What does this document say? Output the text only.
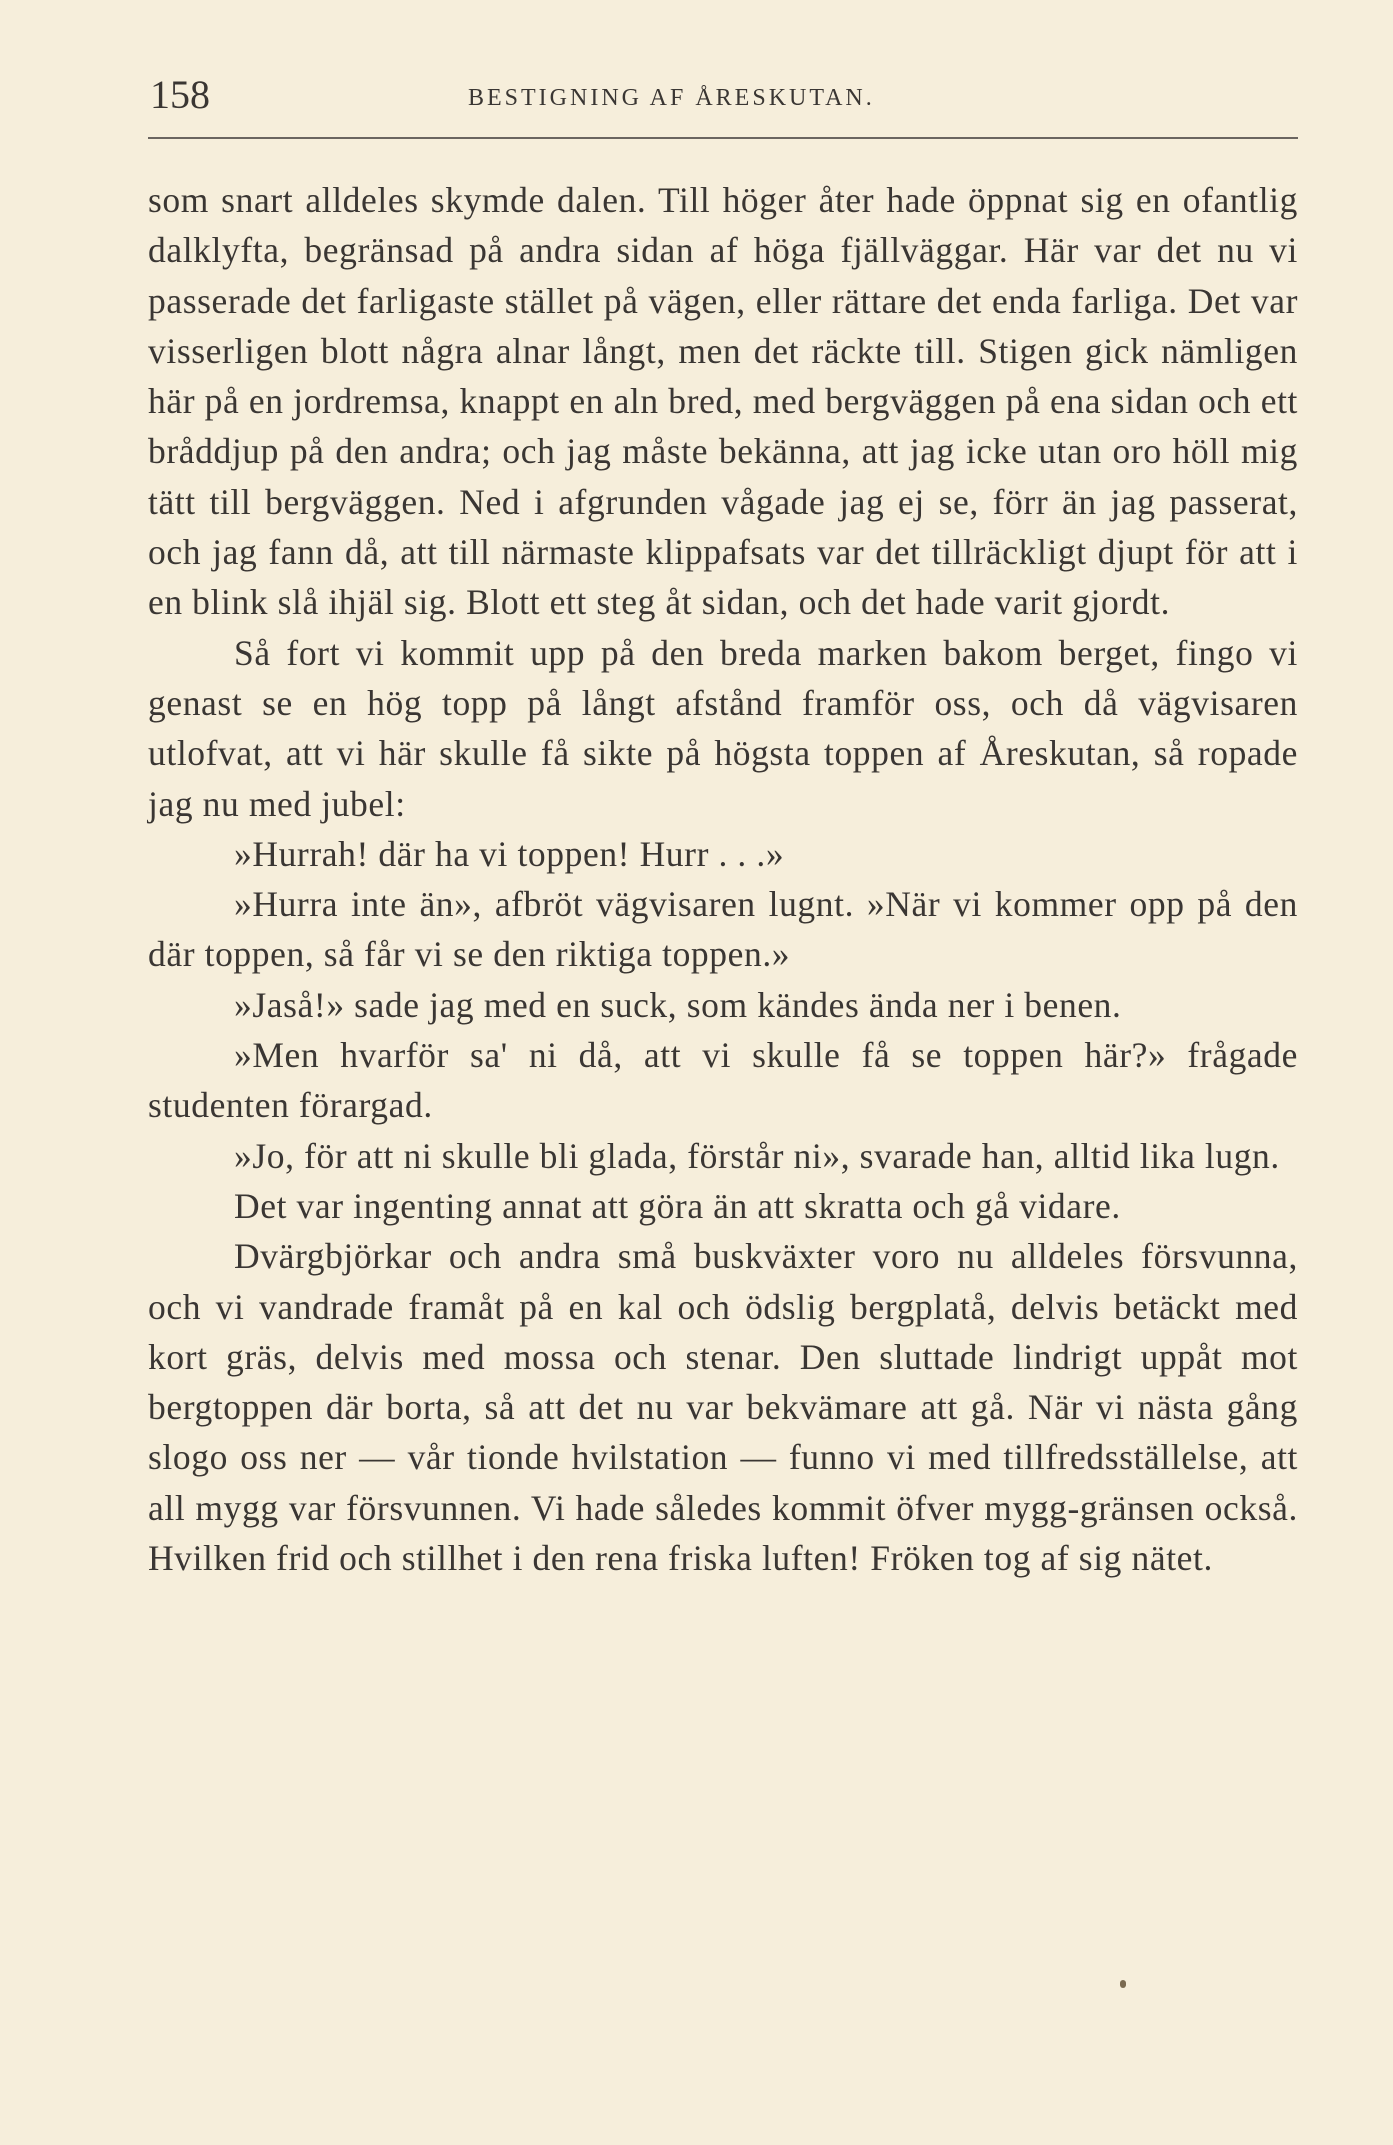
158	BESTIGNING AF ÅRESKUTAN.

som snart alldeles skymde dalen. Till höger åter hade öppnat sig en ofantlig dalklyfta, begränsad på andra sidan af höga fjällväggar. Här var det nu vi passerade det farligaste stället på vägen, eller rättare det enda farliga. Det var visserligen blott några alnar långt, men det räckte till. Stigen gick nämligen här på en jordremsa, knappt en aln bred, med bergväggen på ena sidan och ett bråddjup på den andra; och jag måste bekänna, att jag icke utan oro höll mig tätt till bergväggen. Ned i afgrunden vågade jag ej se, förr än jag passerat, och jag fann då, att till närmaste klippafsats var det tillräckligt djupt för att i en blink slå ihjäl sig. Blott ett steg åt sidan, och det hade varit gjordt.

Så fort vi kommit upp på den breda marken bakom berget, fingo vi genast se en hög topp på långt afstånd framför oss, och då vägvisaren utlofvat, att vi här skulle få sikte på högsta toppen af Åreskutan, så ropade jag nu med jubel:

»Hurrah! där ha vi toppen! Hurr . . .»

»Hurra inte än», afbröt vägvisaren lugnt. »När vi kommer opp på den där toppen, så får vi se den riktiga toppen.»

»Jaså!» sade jag med en suck, som kändes ända ner i benen.

»Men hvarför sa' ni då, att vi skulle få se toppen här?» frågade studenten förargad.

»Jo, för att ni skulle bli glada, förstår ni», svarade han, alltid lika lugn.

Det var ingenting annat att göra än att skratta och gå vidare.

Dvärgbjörkar och andra små buskväxter voro nu alldeles försvunna, och vi vandrade framåt på en kal och ödslig bergplatå, delvis betäckt med kort gräs, delvis med mossa och stenar. Den sluttade lindrigt uppåt mot bergtoppen där borta, så att det nu var bekvämare att gå. När vi nästa gång slogo oss ner — vår tionde hvilstation — funno vi med tillfredsställelse, att all mygg var försvunnen. Vi hade således kommit öfver mygg-gränsen också. Hvilken frid och stillhet i den rena friska luften! Fröken tog af sig nätet.
